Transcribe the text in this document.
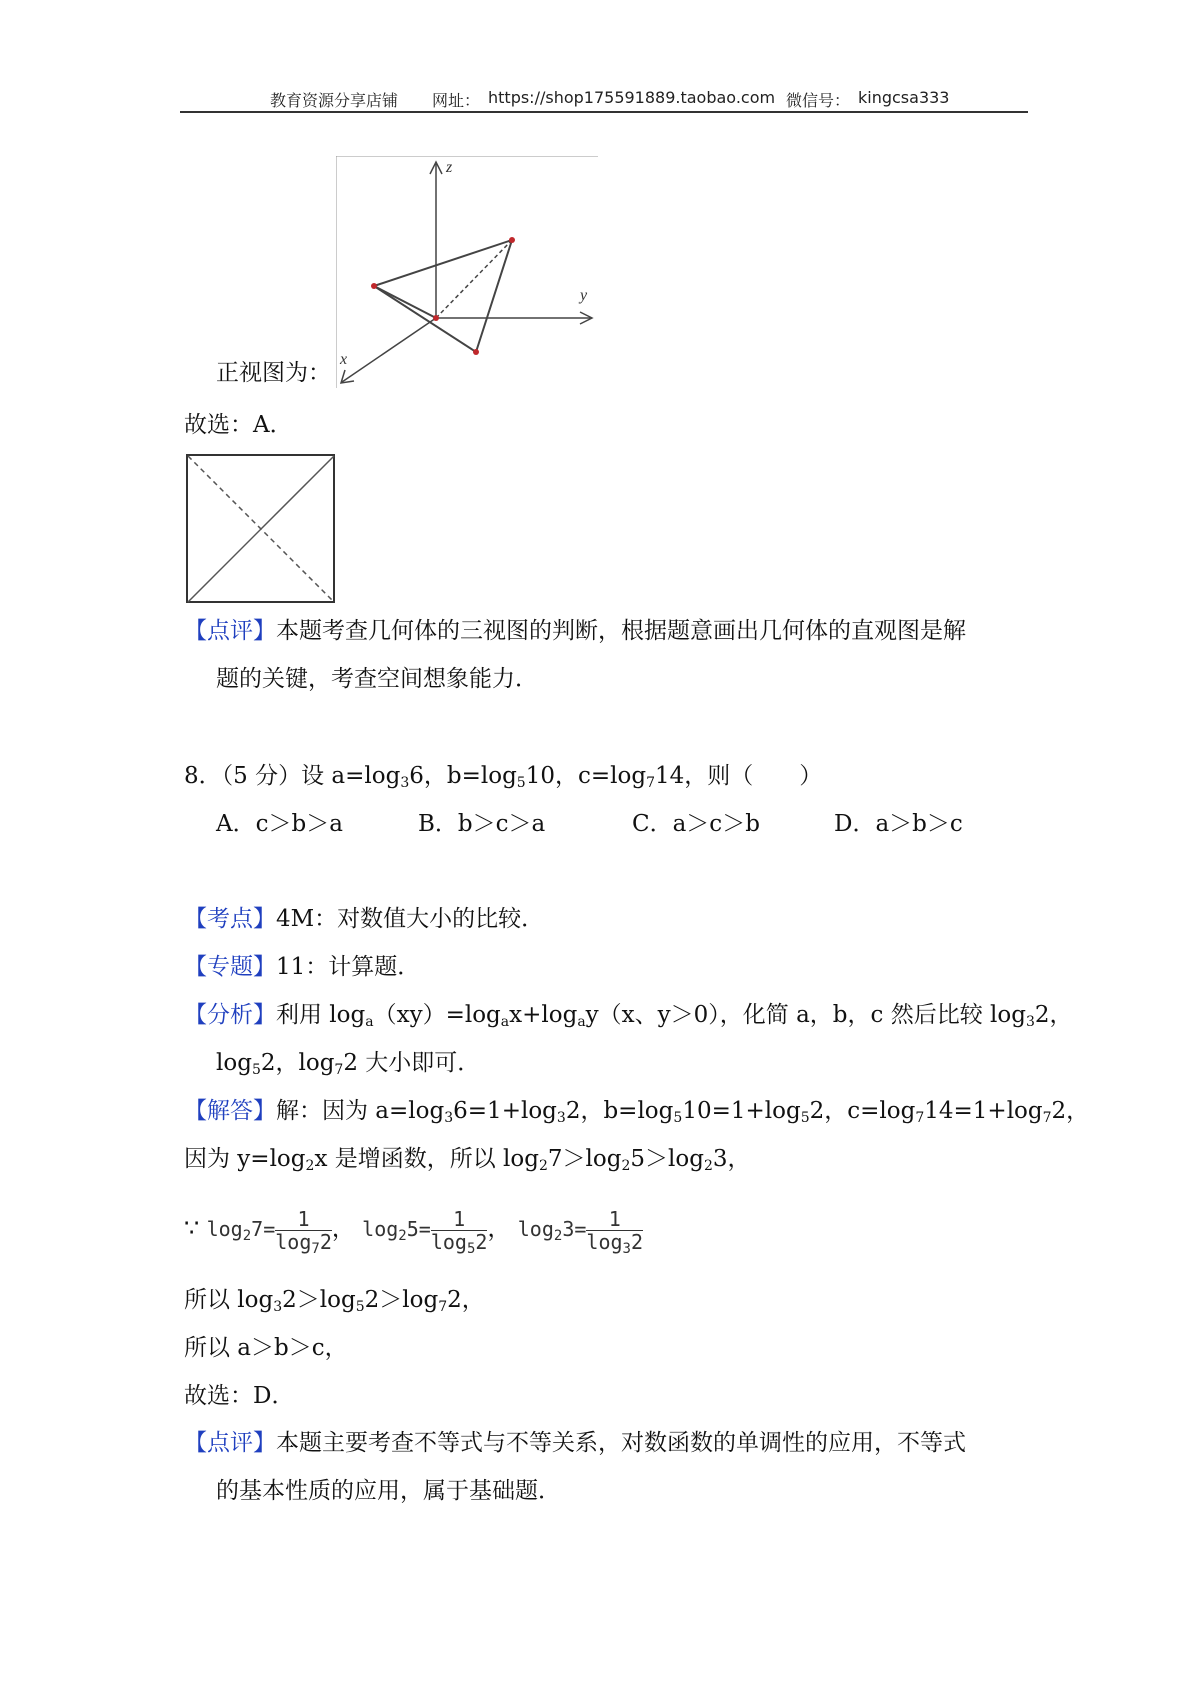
教育资源分享店铺 网址： https://shop175591889.taobao.com 微信号： kingcsa333
z
y
x
正视图为：
故选：A．
【点评】本题考查几何体的三视图的判断，根据题意画出几何体的直观图是解
题的关键，考查空间想象能力．
8．（5 分）设 $a=\log_36$，$b=\log_510$，$c=\log_714$，则（　　）
A．c＞b＞a	B．b＞c＞a	C．a＞c＞b	D．a＞b＞c
【考点】4M：对数值大小的比较．
【专题】11：计算题．
【分析】利用 $\log_a(xy)=\log_ax+\log_ay(x$、y＞0），化简 a，b，c 然后比较 $\log_32$，
$\log_52$，$\log_72$ 大小即可．
【解答】解：因为 $a=\log_36=1+\log_32$，$b=\log_510=1+\log_52$，$c=\log_714=1+\log_72$，
因为 $y=\log_2x$ 是增函数，所以 $\log_27>\log_25>\log_23$，
∵ $\log_27= \frac{1}{\log_72}$ ， $\log_25= \frac{1}{\log_52}$ ， $\log_23= \frac{1}{\log_32}$
所以 $\log_32>\log_52>\log_72$，
所以 a＞b＞c，
故选：D．
【点评】本题主要考查不等式与不等关系，对数函数的单调性的应用，不等式
的基本性质的应用，属于基础题．
